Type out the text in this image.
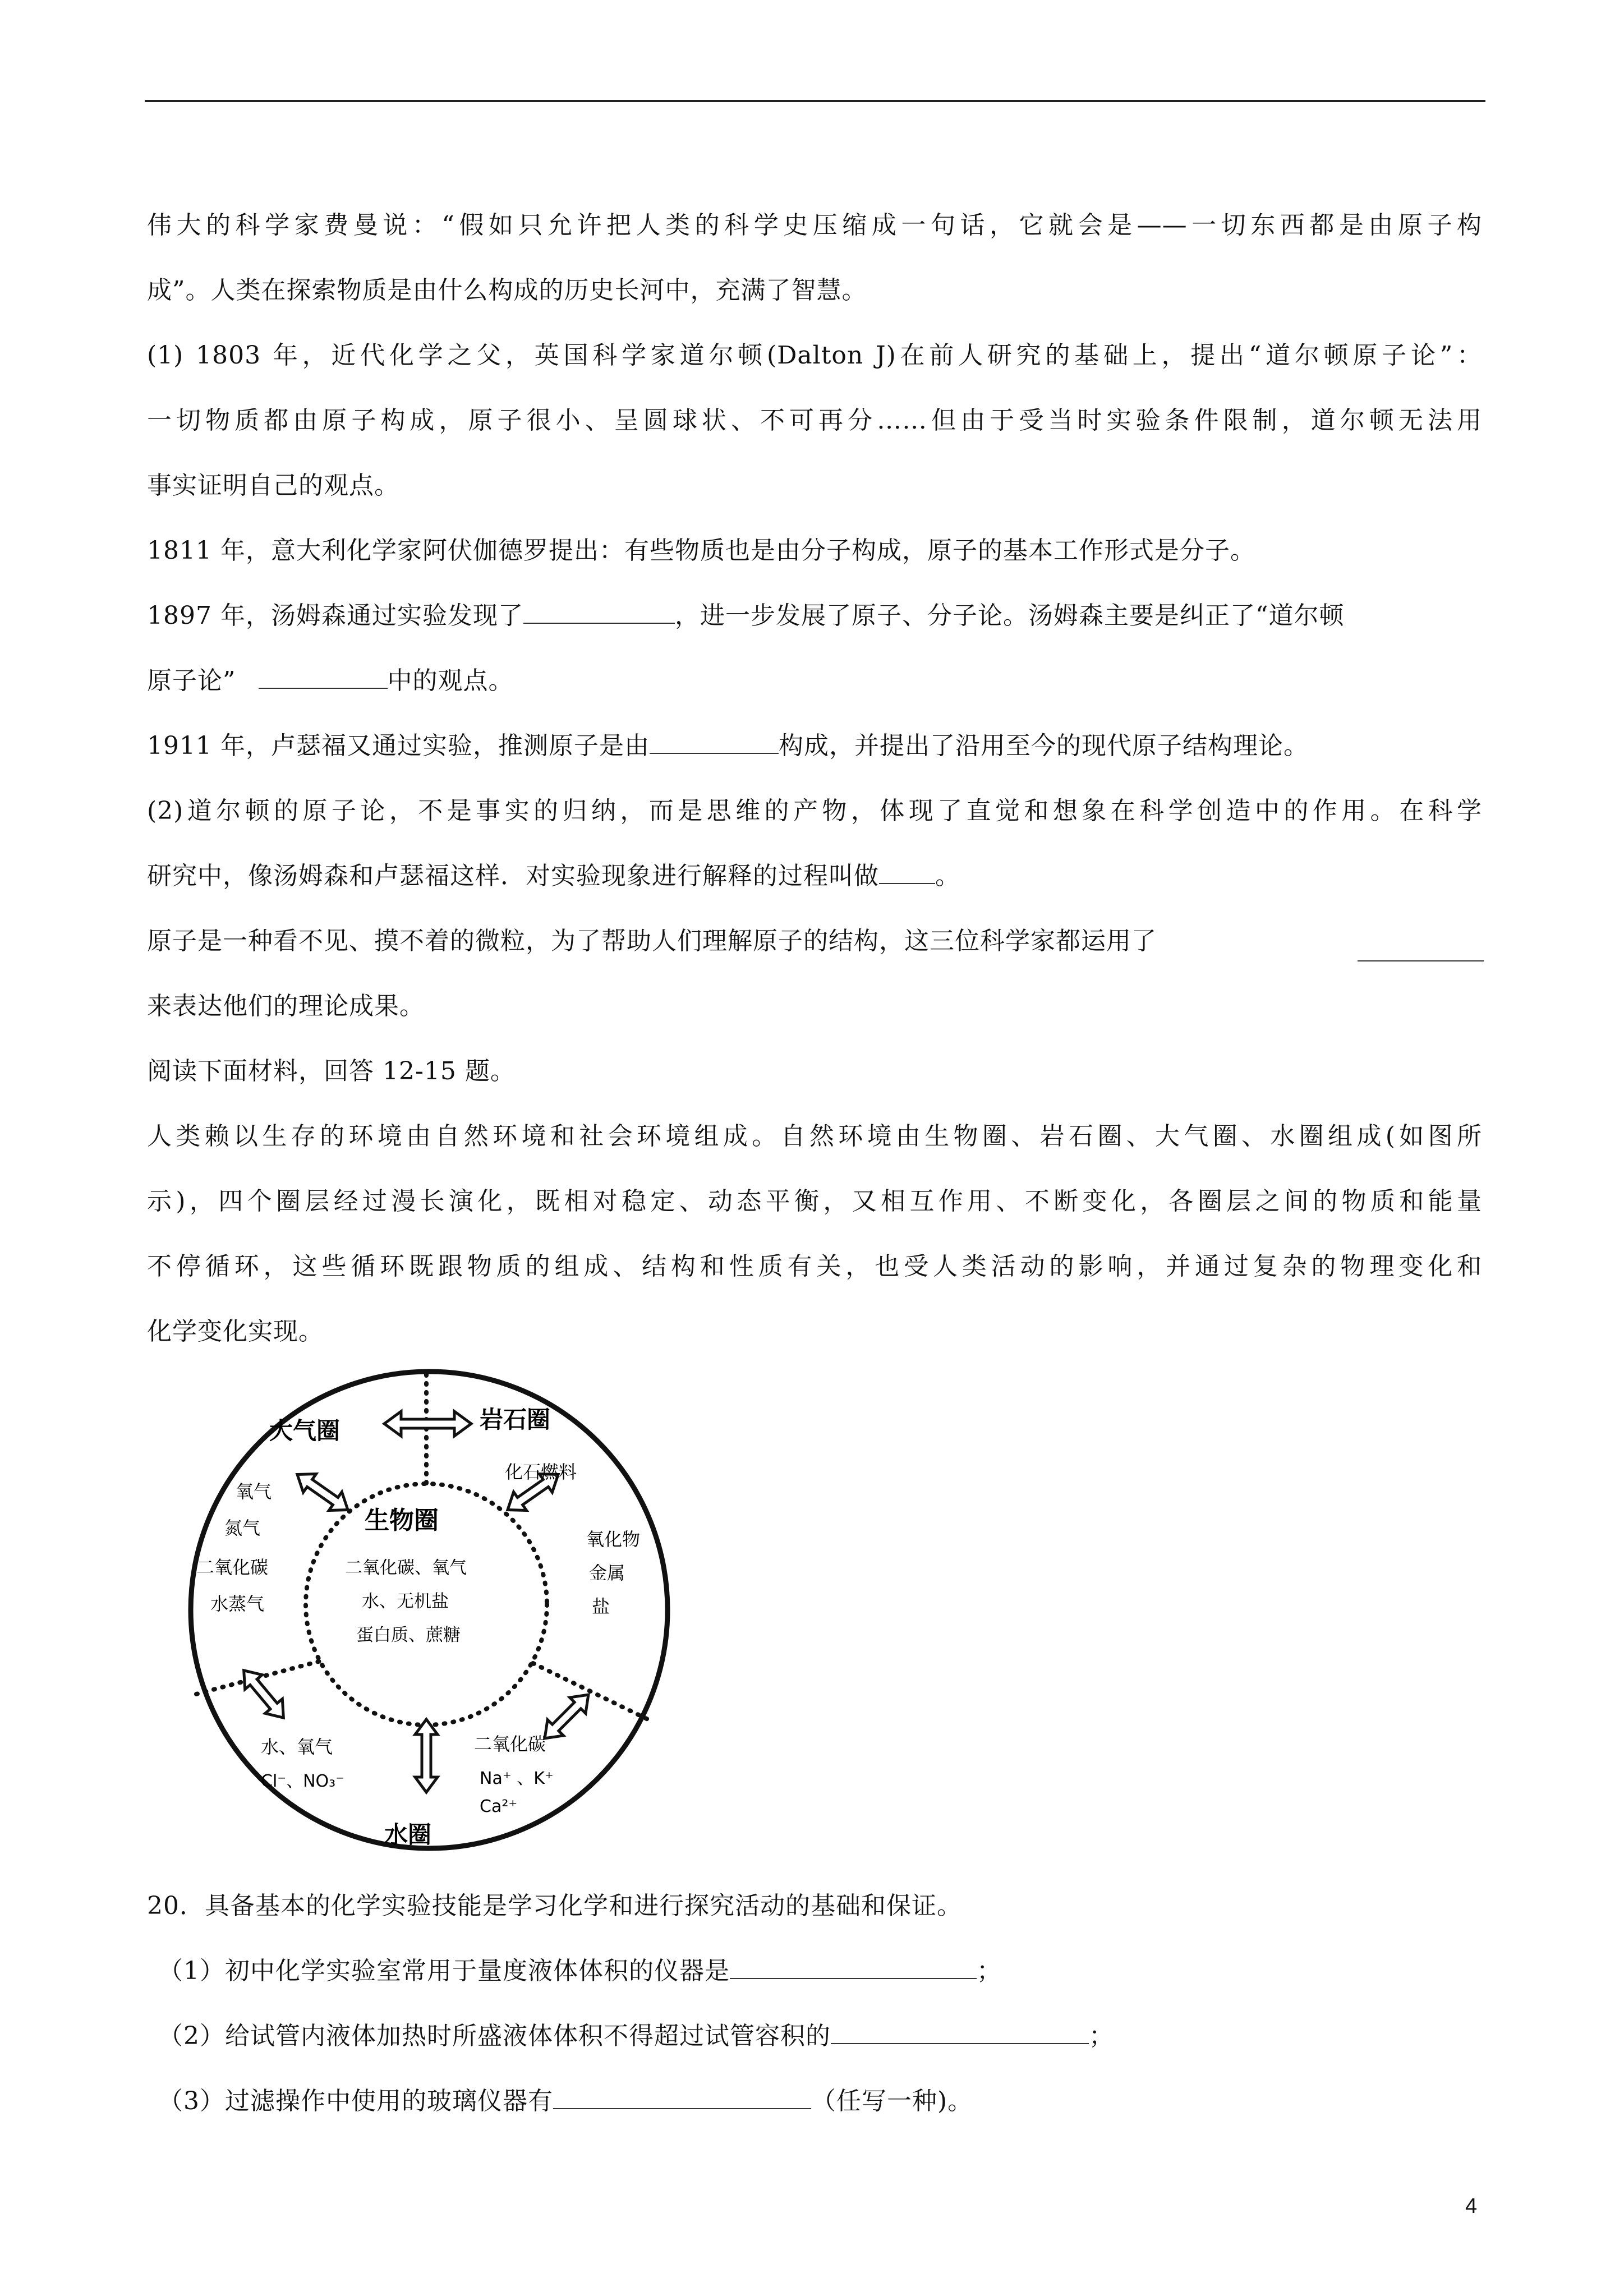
伟大的科学家费曼说：“假如只允许把人类的科学史压缩成一句话，它就会是——一切东西都是由原子构
成”。人类在探索物质是由什么构成的历史长河中，充满了智慧。
(1) 1803 年，近代化学之父，英国科学家道尔顿(Dalton J)在前人研究的基础上，提出“道尔顿原子论”：
一切物质都由原子构成，原子很小、呈圆球状、不可再分……但由于受当时实验条件限制，道尔顿无法用
事实证明自己的观点。
1811 年，意大利化学家阿伏伽德罗提出：有些物质也是由分子构成，原子的基本工作形式是分子。
1897 年，汤姆森通过实验发现了	，进一步发展了原子、分子论。汤姆森主要是纠正了“道尔顿
原子论”	中的观点。
1911 年，卢瑟福又通过实验，推测原子是由	构成，并提出了沿用至今的现代原子结构理论。
(2)道尔顿的原子论，不是事实的归纳，而是思维的产物，体现了直觉和想象在科学创造中的作用。在科学
研究中，像汤姆森和卢瑟福这样．对实验现象进行解释的过程叫做 。
原子是一种看不见、摸不着的微粒，为了帮助人们理解原子的结构，这三位科学家都运用了
来表达他们的理论成果。
阅读下面材料，回答 12-15 题。
人类赖以生存的环境由自然环境和社会环境组成。自然环境由生物圈、岩石圈、大气圈、水圈组成(如图所
示)，四个圈层经过漫长演化，既相对稳定、动态平衡，又相互作用、不断变化，各圈层之间的物质和能量
不停循环，这些循环既跟物质的组成、结构和性质有关，也受人类活动的影响，并通过复杂的物理变化和
化学变化实现。
大气圈	岩石圈
生物圈
水圈
氧气
氮气
二氧化碳
水蒸气
化石燃料
氧化物
金属
盐
二氧化碳、氧气
水、无机盐
蛋白质、蔗糖
水、氧气
Cl⁻、NO₃⁻
二氧化碳
Na⁺ 、K⁺
Ca²⁺
20．具备基本的化学实验技能是学习化学和进行探究活动的基础和保证。
（1）初中化学实验室常用于量度液体体积的仪器是	；
（2）给试管内液体加热时所盛液体体积不得超过试管容积的	；
（3）过滤操作中使用的玻璃仪器有	（任写一种)。
4
